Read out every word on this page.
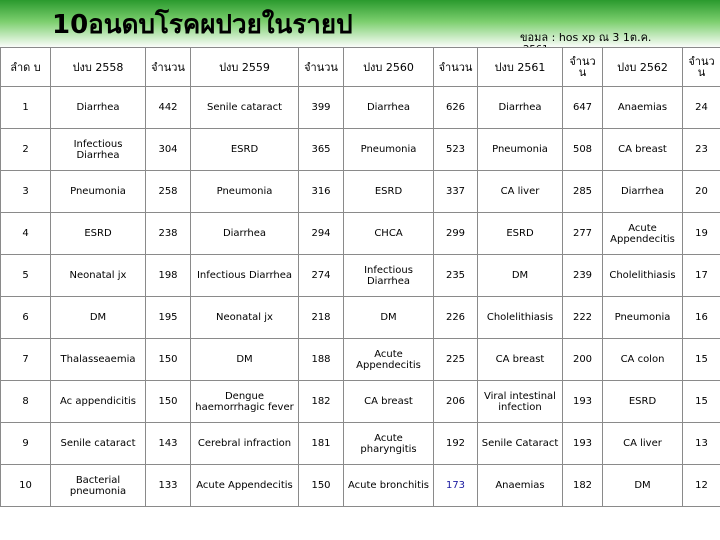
10อนดบโรคผปวยในรายป	ขอมล : hos xp ณ 3 1ต.ค.

ลำด บ	ปงบ 2558	จำนวน	ปงบ 2559	จำนวน	ปงบ 2560	จำนวน	ปงบ 2561	จำนว น	ปงบ 2562	จำนว น
1	Diarrhea	442	Senile cataract	399	Diarrhea	626	Diarrhea	647	Anaemias	24
2	Infectious Diarrhea	304	ESRD	365	Pneumonia	523	Pneumonia	508	CA breast	23
3	Pneumonia	258	Pneumonia	316	ESRD	337	CA liver	285	Diarrhea	20
4	ESRD	238	Diarrhea	294	CHCA	299	ESRD	277	Acute Appendecitis	19
5	Neonatal jx	198	Infectious Diarrhea	274	Infectious Diarrhea	235	DM	239	Cholelithiasis	17
6	DM	195	Neonatal jx	218	DM	226	Cholelithiasis	222	Pneumonia	16
7	Thalasseaemia	150	DM	188	Acute Appendecitis	225	CA breast	200	CA colon	15
8	Ac appendicitis	150	Dengue haemorrhagic fever	182	CA breast	206	Viral intestinal infection	193	ESRD	15
9	Senile cataract	143	Cerebral infraction	181	Acute pharyngitis	192	Senile Cataract	193	CA liver	13
10	Bacterial pneumonia	133	Acute Appendecitis	150	Acute bronchitis	173	Anaemias	182	DM	12
